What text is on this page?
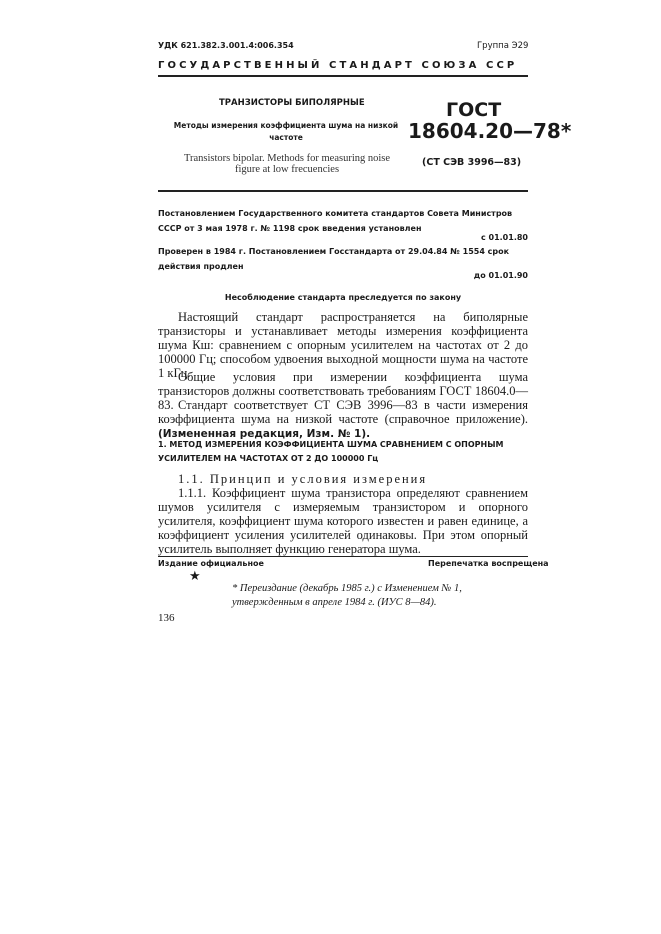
УДК 621.382.3.001.4:006.354	Группа Э29
ГОСУДАРСТВЕННЫЙ СТАНДАРТ СОЮЗА ССР
ТРАНЗИСТОРЫ БИПОЛЯРНЫЕ
Методы измерения коэффициента шума на низкой частоте
Transistors bipolar. Methods for measuring noise figure at low frecuencies
ГОСТ
18604.20—78*
(СТ СЭВ 3996—83)
Постановлением Государственного комитета стандартов Совета Министров СССР от 3 мая 1978 г. № 1198 срок введения установлен
с 01.01.80
Проверен в 1984 г. Постановлением Госстандарта от 29.04.84 № 1554 срок действия продлен
до 01.01.90
Несоблюдение стандарта преследуется по закону
Настоящий стандарт распространяется на биполярные транзисторы и устанавливает методы измерения коэффициента шума Кш: сравнением с опорным усилителем на частотах от 2 до 100000 Гц; способом удвоения выходной мощности шума на частоте 1 кГц.
Общие условия при измерении коэффициента шума транзисторов должны соответствовать требованиям ГОСТ 18604.0—83. Стандарт соответствует СТ СЭВ 3996—83 в части измерения коэффициента шума на низкой частоте (справочное приложение). (Измененная редакция, Изм. № 1).
1. МЕТОД ИЗМЕРЕНИЯ КОЭФФИЦИЕНТА ШУМА СРАВНЕНИЕМ С ОПОРНЫМ УСИЛИТЕЛЕМ НА ЧАСТОТАХ ОТ 2 ДО 100000 Гц
1.1. Принцип и условия измерения
1.1.1. Коэффициент шума транзистора определяют сравнением шумов усилителя с измеряемым транзистором и опорного усилителя, коэффициент шума которого известен и равен единице, а коэффициент усиления усилителей одинаковы. При этом опорный усилитель выполняет функцию генератора шума.
Издание официальное	Перепечатка воспрещена
★
* Переиздание (декабрь 1985 г.) с Изменением № 1, утвержденным в апреле 1984 г. (ИУС 8—84).
136
